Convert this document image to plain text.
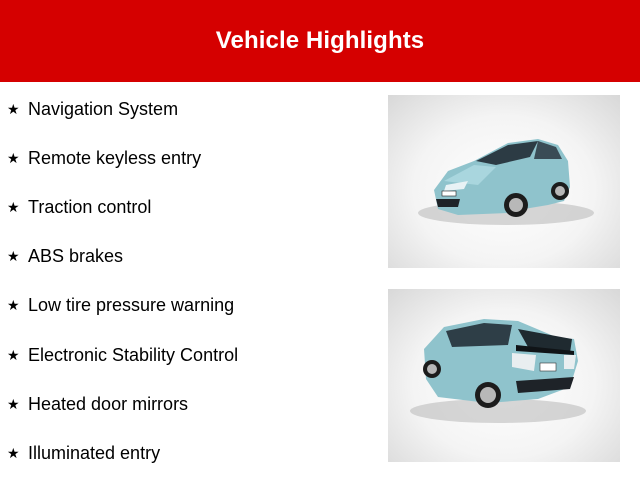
Vehicle Highlights
★ Navigation System
★ Remote keyless entry
★ Traction control
★ ABS brakes
★ Low tire pressure warning
★ Electronic Stability Control
★ Heated door mirrors
★ Illuminated entry
